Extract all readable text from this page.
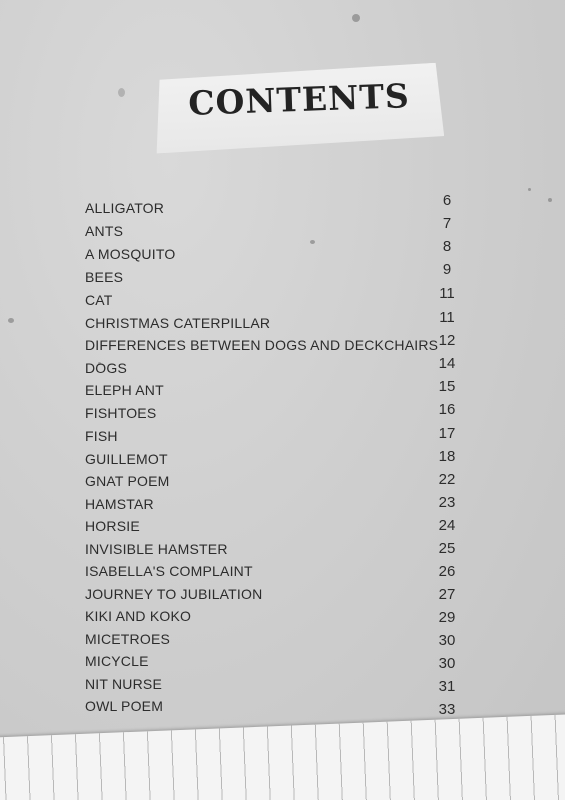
CONTENTS
ALLIGATOR	6
ANTS	7
A MOSQUITO	8
BEES	9
CAT	11
CHRISTMAS CATERPILLAR	11
DIFFERENCES BETWEEN DOGS AND DECKCHAIRS 12
DOGS	14
ELEPH ANT	15
FISHTOES	16
FISH	17
GUILLEMOT	18
GNAT POEM	22
HAMSTAR	23
HORSIE	24
INVISIBLE HAMSTER	25
ISABELLA'S COMPLAINT	26
JOURNEY TO JUBILATION	27
KIKI AND KOKO	29
MICETROES	30
MICYCLE	30
NIT NURSE	31
OWL POEM	33
